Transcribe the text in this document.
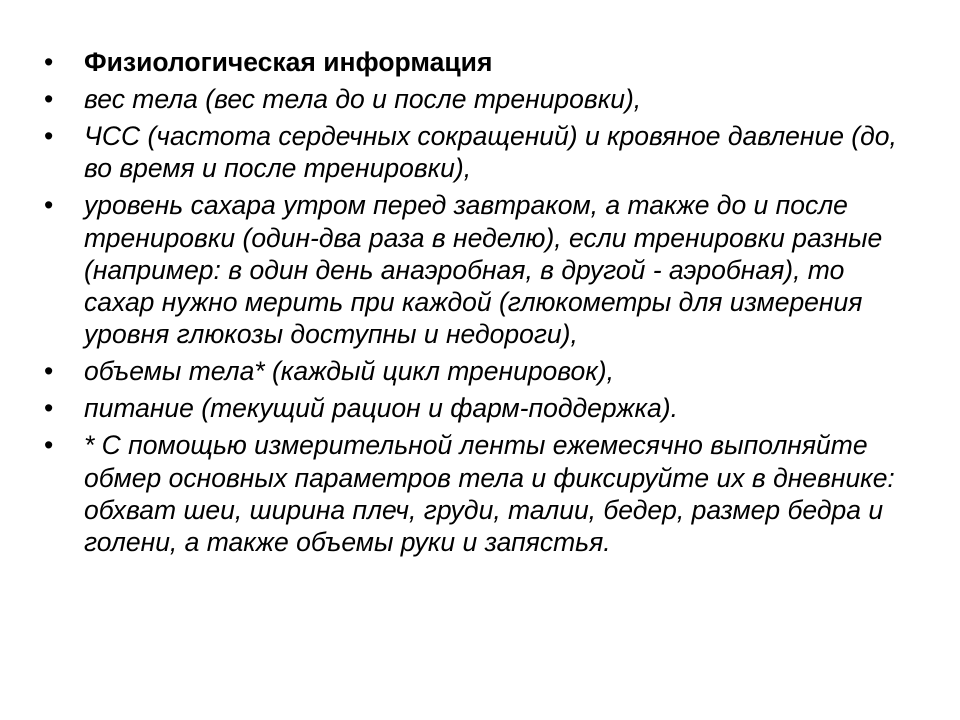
• Физиологическая информация
• вес тела (вес тела до и после тренировки),
• ЧСС (частота сердечных сокращений) и кровяное давление (до, во время и после тренировки),
• уровень сахара утром перед завтраком, а также до и после тренировки (один-два раза в неделю), если тренировки разные (например: в один день анаэробная, в другой - аэробная), то сахар нужно мерить при каждой (глюкометры для измерения уровня глюкозы доступны и недороги),
• объемы тела* (каждый цикл тренировок),
• питание (текущий рацион и фарм-поддержка).
• * С помощью измерительной ленты ежемесячно выполняйте обмер основных параметров тела и фиксируйте их в дневнике: обхват шеи, ширина плеч, груди, талии, бедер, размер бедра и голени, а также объемы руки и запястья.
